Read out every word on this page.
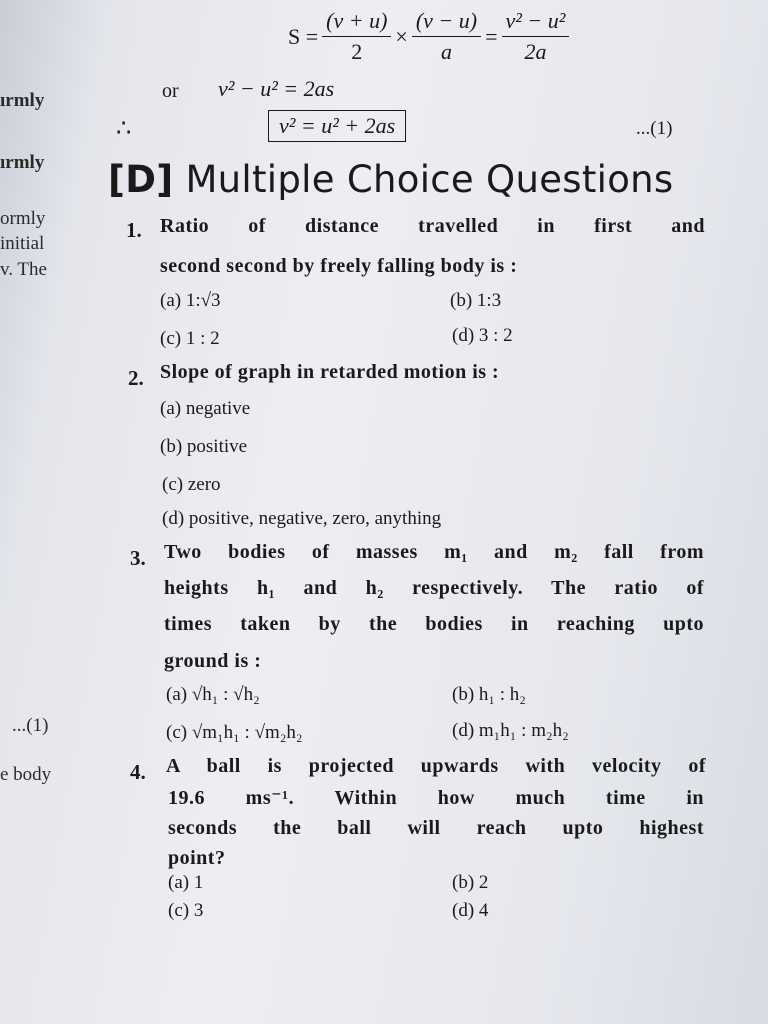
ırmly
ırmly
ormly
initial
v. The
...(1)
e body
$S = \frac{(v + u)}{2} \times \frac{(v - u)}{a} = \frac{\text{v² − u²}}{2a}$
or v² − u² = 2as
∴	v² = u² + 2as	...(1)
[D] Multiple Choice Questions
1. Ratio of distance travelled in first and
second second by freely falling body is :
(a) 1:√3	(b) 1:3
(c) 1 : 2	(d) 3 : 2
2. Slope of graph in retarded motion is :
(a) negative
(b) positive
(c) zero
(d) positive, negative, zero, anything
3. Two bodies of masses m₁ and m₂ fall from
heights h₁ and h₂ respectively. The ratio of
times taken by the bodies in reaching upto
ground is :
(a) √h₁ : √h₂	(b) h₁ : h₂
(c) √m₁h₁ : √m₂h₂	(d) m₁h₁ : m₂h₂
4. A ball is projected upwards with velocity of
19.6 ms⁻¹. Within how much time in
seconds the ball will reach upto highest
point?
(a) 1	(b) 2
(c) 3	(d) 4
